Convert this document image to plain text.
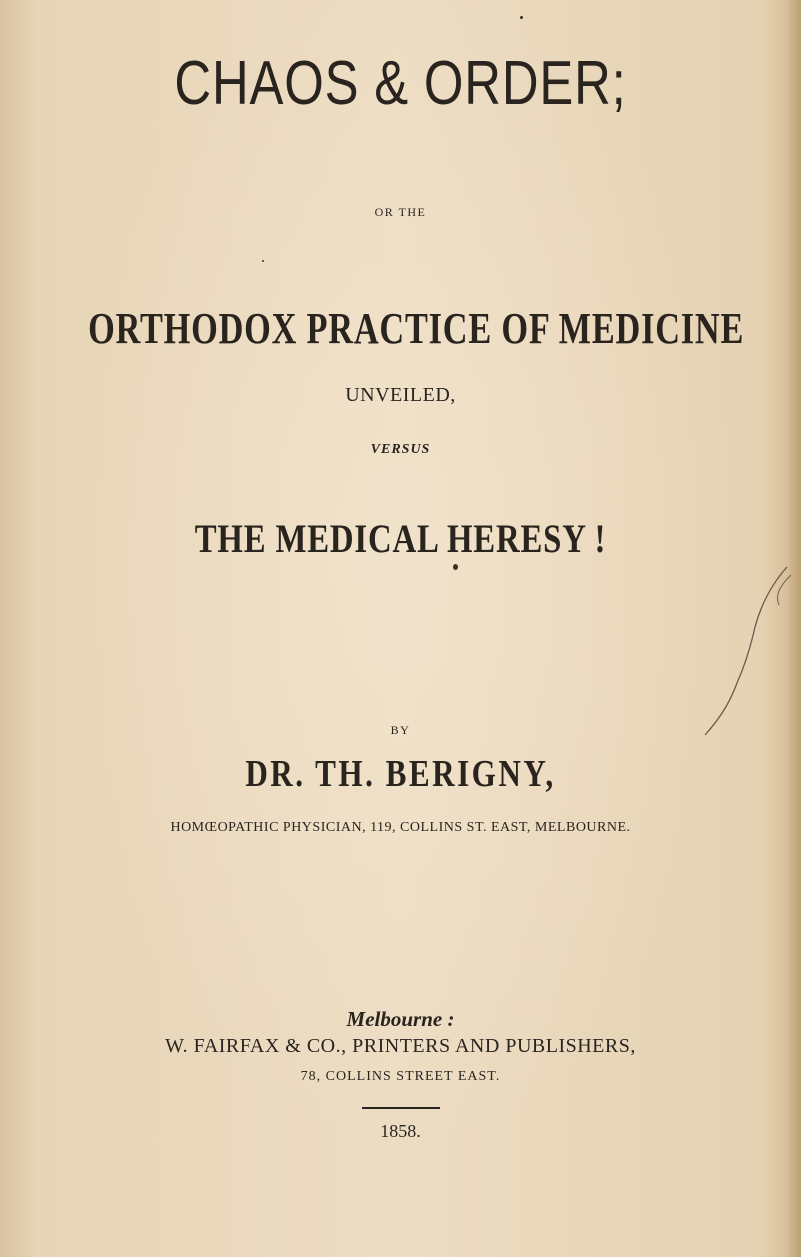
CHAOS & ORDER;
OR THE
ORTHODOX PRACTICE OF MEDICINE
UNVEILED,
VERSUS
THE MEDICAL HERESY !
BY
DR. TH. BERIGNY,
HOMŒOPATHIC PHYSICIAN, 119, COLLINS ST. EAST, MELBOURNE.
Melbourne :
W. FAIRFAX & CO., PRINTERS AND PUBLISHERS,
78, COLLINS STREET EAST.
1858.
